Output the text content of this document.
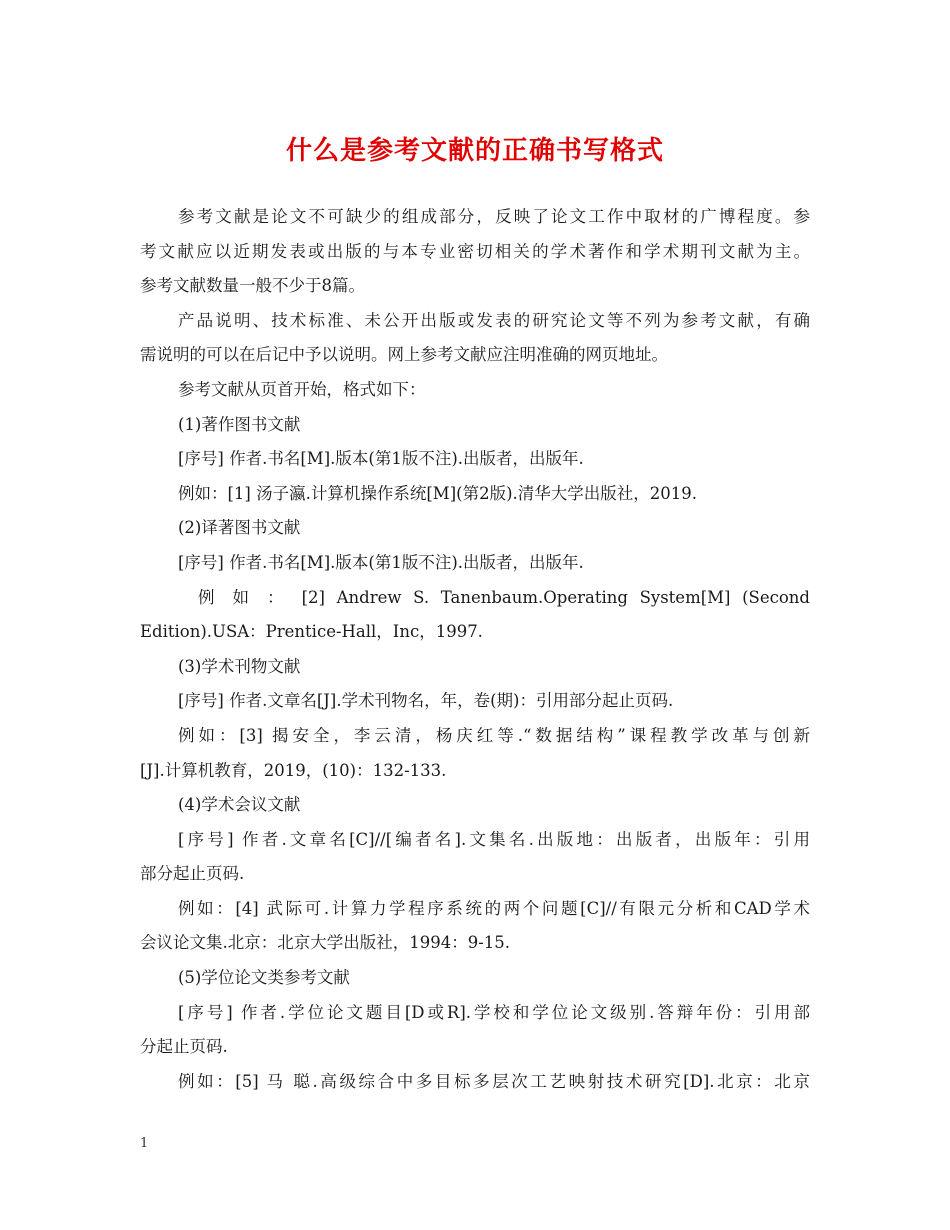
什么是参考文献的正确书写格式
参考文献是论文不可缺少的组成部分，反映了论文工作中取材的广博程度。参
考文献应以近期发表或出版的与本专业密切相关的学术著作和学术期刊文献为主。
参考文献数量一般不少于8篇。
产品说明、技术标准、未公开出版或发表的研究论文等不列为参考文献，有确
需说明的可以在后记中予以说明。网上参考文献应注明准确的网页地址。
参考文献从页首开始，格式如下：
(1)著作图书文献
[序号] 作者.书名[M].版本(第1版不注).出版者，出版年.
例如：[1] 汤子瀛.计算机操作系统[M](第2版).清华大学出版社，2019.
(2)译著图书文献
[序号] 作者.书名[M].版本(第1版不注).出版者，出版年.
例 如 ： [2] Andrew S. Tanenbaum.Operating System[M] (Second
Edition).USA：Prentice-Hall，Inc，1997.
(3)学术刊物文献
[序号] 作者.文章名[J].学术刊物名，年，卷(期)：引用部分起止页码.
例如：[3] 揭安全，李云清，杨庆红等.“数据结构”课程教学改革与创新
[J].计算机教育，2019，(10)：132-133.
(4)学术会议文献
[序号] 作者.文章名[C]//[编者名].文集名.出版地：出版者，出版年：引用
部分起止页码.
例如：[4] 武际可.计算力学程序系统的两个问题[C]//有限元分析和CAD学术
会议论文集.北京：北京大学出版社，1994：9-15.
(5)学位论文类参考文献
[序号] 作者.学位论文题目[D或R].学校和学位论文级别.答辩年份：引用部
分起止页码.
例如：[5] 马 聪.高级综合中多目标多层次工艺映射技术研究[D].北京：北京
1
